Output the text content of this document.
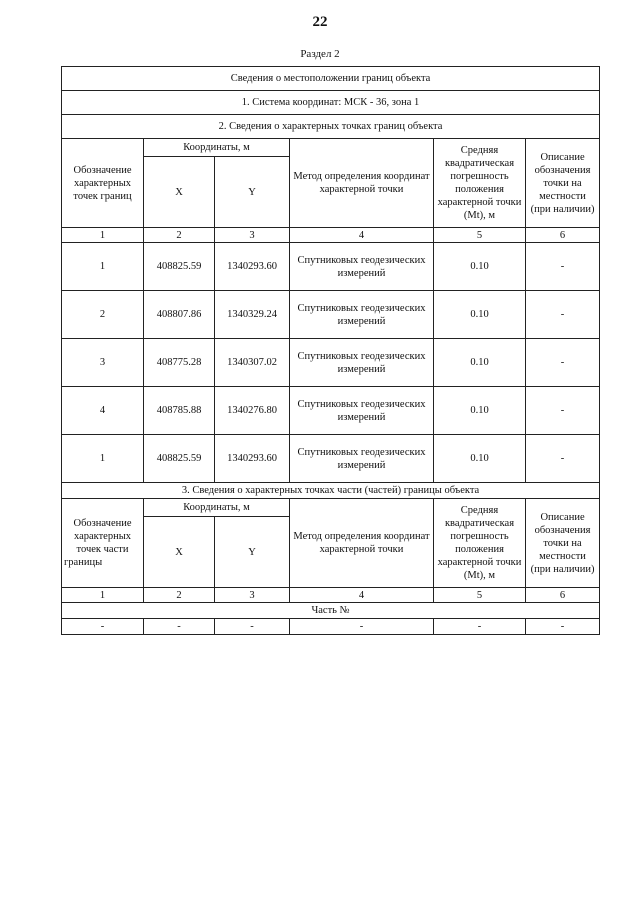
22
Раздел 2
Сведения о местоположении границ объекта					
1. Система координат: МСК - 36, зона 1					
2. Сведения о характерных точках границ объекта					
Обозначение характерных точек границ	Координаты, м		Метод определения координат характерной точки	Средняя квадратическая погрешность положения характерной точки (Mt), м	Описание обозначения точки на местности (при наличии)
	X	Y			
1	2	3	4	5	6
1	408825.59	1340293.60	Спутниковых геодезических измерений	0.10	-
2	408807.86	1340329.24	Спутниковых геодезических измерений	0.10	-
3	408775.28	1340307.02	Спутниковых геодезических измерений	0.10	-
4	408785.88	1340276.80	Спутниковых геодезических измерений	0.10	-
1	408825.59	1340293.60	Спутниковых геодезических измерений	0.10	-
3. Сведения о характерных точках части (частей) границы объекта					
Обозначение характерных точек части границы	Координаты, м		Метод определения координат характерной точки	Средняя квадратическая погрешность положения характерной точки (Mt), м	Описание обозначения точки на местности (при наличии)
	X	Y			
1	2	3	4	5	6
Часть №					
-	-	-	-	-	-
